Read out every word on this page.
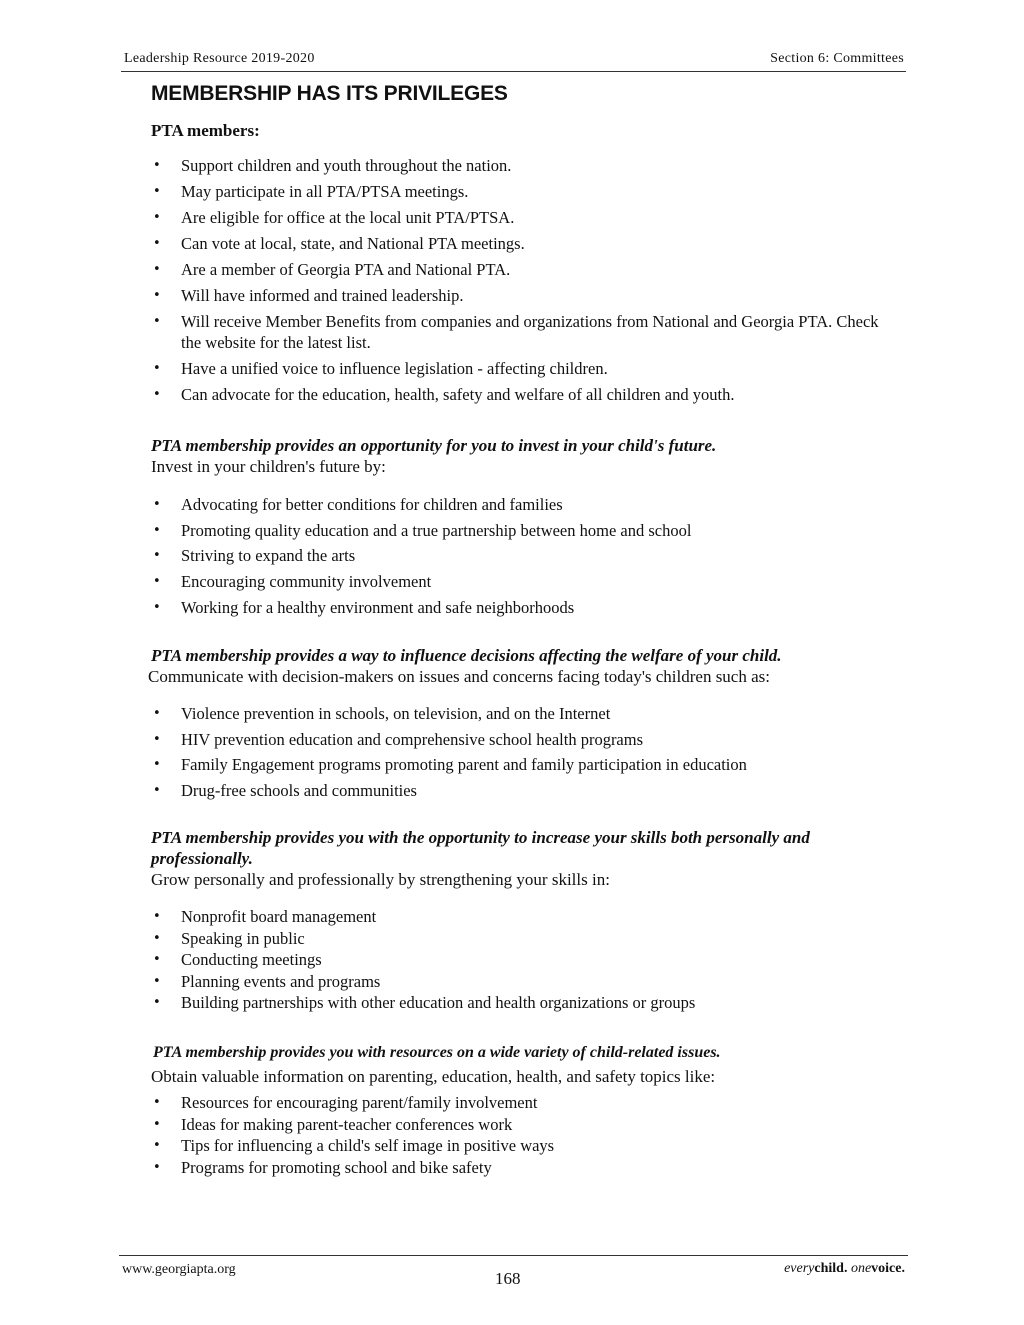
Leadership Resource 2019-2020	Section 6: Committees
MEMBERSHIP HAS ITS PRIVILEGES
PTA members:
• Support children and youth throughout the nation.
• May participate in all PTA/PTSA meetings.
• Are eligible for office at the local unit PTA/PTSA.
• Can vote at local, state, and National PTA meetings.
• Are a member of Georgia PTA and National PTA.
• Will have informed and trained leadership.
• Will receive Member Benefits from companies and organizations from National and Georgia PTA. Check the website for the latest list.
• Have a unified voice to influence legislation - affecting children.
• Can advocate for the education, health, safety and welfare of all children and youth.
PTA membership provides an opportunity for you to invest in your child's future.
Invest in your children's future by:
• Advocating for better conditions for children and families
• Promoting quality education and a true partnership between home and school
• Striving to expand the arts
• Encouraging community involvement
• Working for a healthy environment and safe neighborhoods
PTA membership provides a way to influence decisions affecting the welfare of your child.
Communicate with decision-makers on issues and concerns facing today's children such as:
• Violence prevention in schools, on television, and on the Internet
• HIV prevention education and comprehensive school health programs
• Family Engagement programs promoting parent and family participation in education
• Drug-free schools and communities
PTA membership provides you with the opportunity to increase your skills both personally and professionally.
Grow personally and professionally by strengthening your skills in:
• Nonprofit board management
• Speaking in public
• Conducting meetings
• Planning events and programs
• Building partnerships with other education and health organizations or groups
PTA membership provides you with resources on a wide variety of child-related issues.
Obtain valuable information on parenting, education, health, and safety topics like:
• Resources for encouraging parent/family involvement
• Ideas for making parent-teacher conferences work
• Tips for influencing a child's self image in positive ways
• Programs for promoting school and bike safety
www.georgiapta.org	168
everychild. onevoice.
